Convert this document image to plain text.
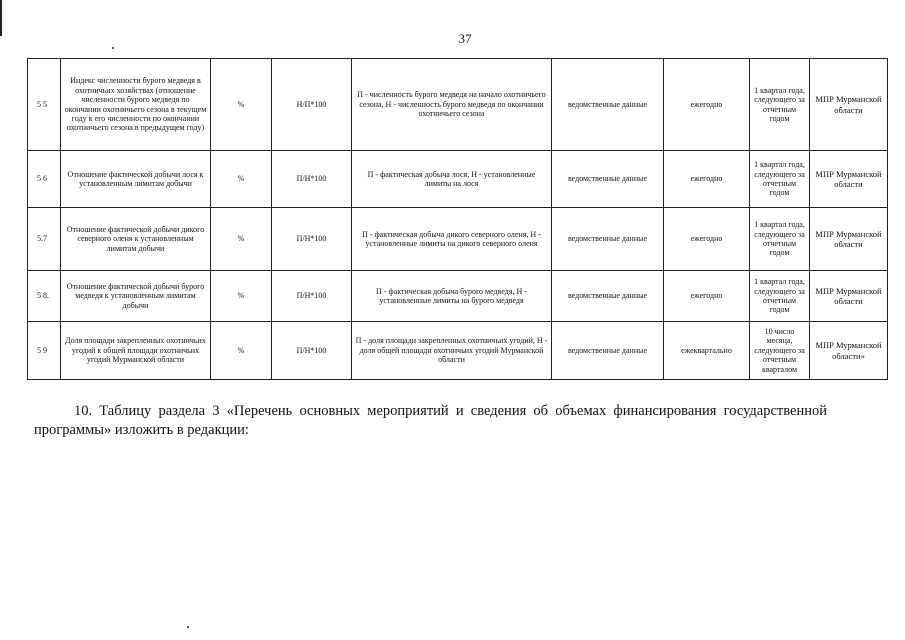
37
5 5	Индекс численности бурого медведя в охотничьих хозяйствах (отношение численности бурого медведя по окончании охотничьего сезона в текущем году к его численности по окончании охотничьего сезона в предыдущем году)	%	Н/П*100	П - численность бурого медведя на начало охотничьего сезона, Н - численность бурого медведя по окончании охотничьего сезона	ведомственные данные	ежегодно	1 квартал года, следующего за отчетным годом	МПР Мурманской области
5 6	Отношение фактической добычи лося к установленным лимитам добычи	%	П/Н*100	П - фактическая добыча лося, Н - установленные лимиты на лося	ведомственные данные	ежегодно	1 квартал года, следующего за отчетным годом	МПР Мурманской области
5.7	Отношение фактической добычи дикого северного оленя к установленным лимитам добычи	%	П/Н*100	П - фактическая добыча дикого северного оленя, Н - установленные лимиты на дикого северного оленя	ведомственные данные	ежегодно	1 квартал года, следующего за отчетным годом	МПР Мурманской области
5 8.	Отношение фактической добычи бурого медведя к установленным лимитам добычи	%	П/Н*100	П - фактическая добыча бурого медведя, Н - установленные лимиты на бурого медведя	ведомственные данные	ежегодно	1 квартал года, следующего за отчетным годом	МПР Мурманской области
5 9	Доля площади закрепленных охотничьих угодий к общей площади охотничьих угодий Мурманской области	%	П/Н*100	П - доля площади закрепленных охотничьих угодий, Н - доля общей площади охотничьих угодий Мурманской области	ведомственные данные	ежеквартально	10 число месяца, следующего за отчетным кварталом	МПР Мурманской области»

10. Таблицу раздела 3 «Перечень основных мероприятий и сведения об объемах финансирования государственной программы» изложить в редакции:
